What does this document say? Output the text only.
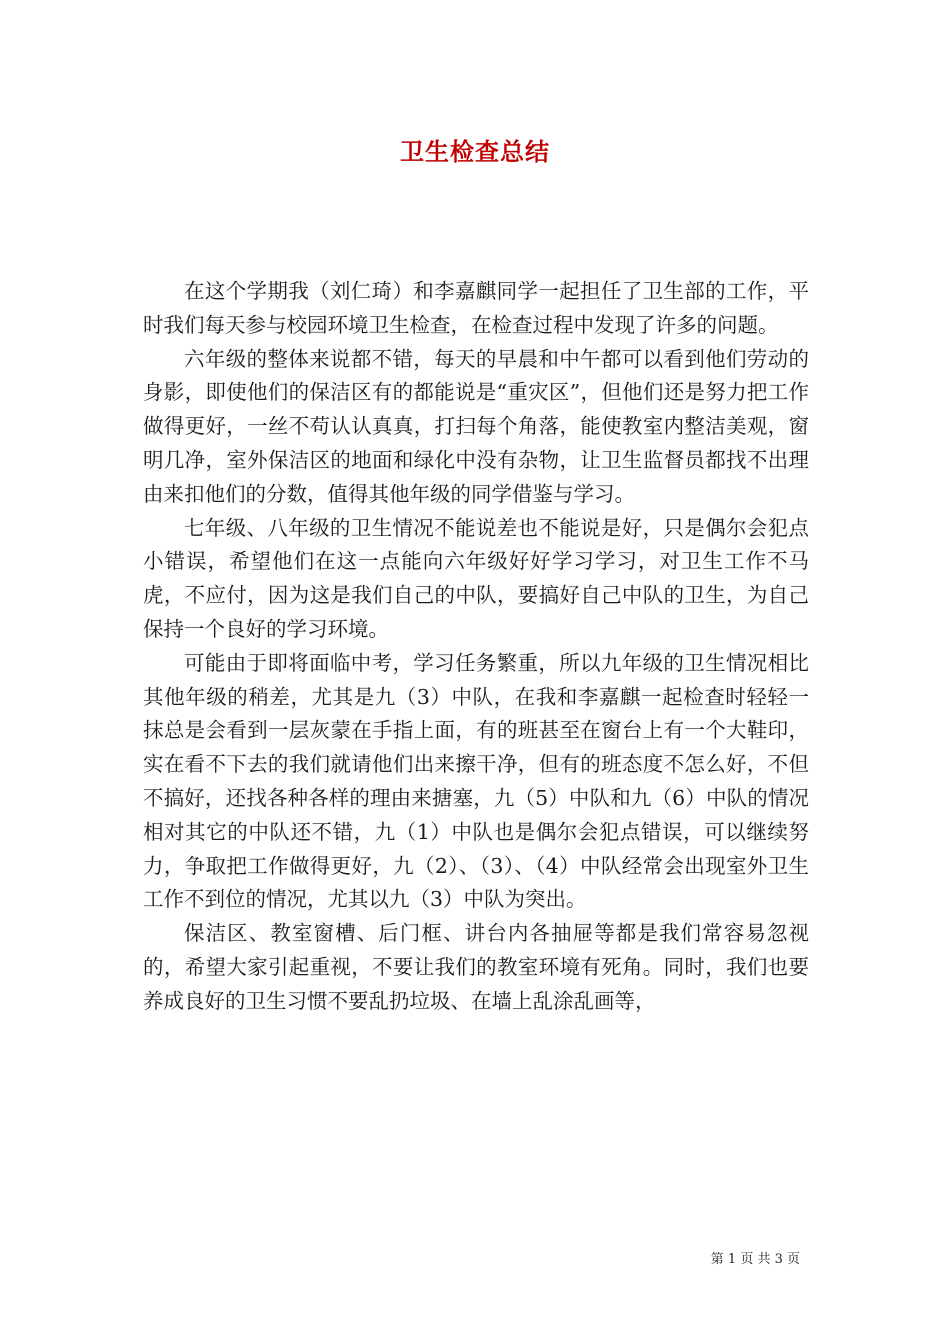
卫生检查总结

在这个学期我（刘仁琦）和李嘉麒同学一起担任了卫生部的工作，平时我们每天参与校园环境卫生检查，在检查过程中发现了许多的问题。

六年级的整体来说都不错，每天的早晨和中午都可以看到他们劳动的身影，即使他们的保洁区有的都能说是“重灾区”，但他们还是努力把工作做得更好，一丝不苟认认真真，打扫每个角落，能使教室内整洁美观，窗明几净，室外保洁区的地面和绿化中没有杂物，让卫生监督员都找不出理由来扣他们的分数，值得其他年级的同学借鉴与学习。

七年级、八年级的卫生情况不能说差也不能说是好，只是偶尔会犯点小错误，希望他们在这一点能向六年级好好学习学习，对卫生工作不马虎，不应付，因为这是我们自己的中队，要搞好自己中队的卫生，为自己保持一个良好的学习环境。

可能由于即将面临中考，学习任务繁重，所以九年级的卫生情况相比其他年级的稍差，尤其是九（3）中队，在我和李嘉麒一起检查时轻轻一抹总是会看到一层灰蒙在手指上面，有的班甚至在窗台上有一个大鞋印，实在看不下去的我们就请他们出来擦干净，但有的班态度不怎么好，不但不搞好，还找各种各样的理由来搪塞，九（5）中队和九（6）中队的情况相对其它的中队还不错，九（1）中队也是偶尔会犯点错误，可以继续努力，争取把工作做得更好，九（2）、（3）、（4）中队经常会出现室外卫生工作不到位的情况，尤其以九（3）中队为突出。

保洁区、教室窗槽、后门框、讲台内各抽屉等都是我们常容易忽视的，希望大家引起重视，不要让我们的教室环境有死角。同时，我们也要养成良好的卫生习惯不要乱扔垃圾、在墙上乱涂乱画等，

第 1 页 共 3 页
